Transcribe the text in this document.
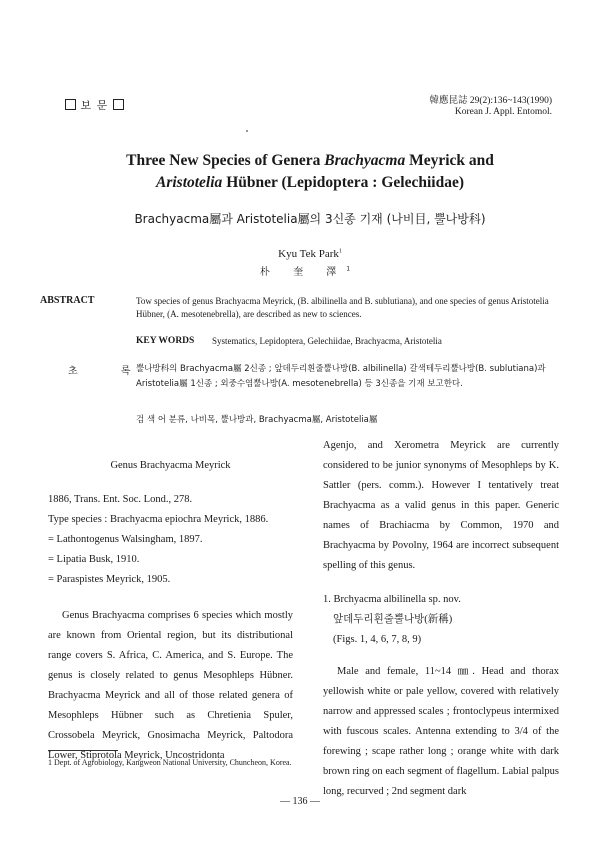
보 문	韓應昆誌 29(2):136~143(1990)
Korean J. Appl. Entomol.
Three New Species of Genera Brachyacma Meyrick and
Aristotelia Hübner (Lepidoptera : Gelechiidae)
Brachyacma屬과 Aristotelia屬의 3신종 기재 (나비目, 뿔나방科)
Kyu Tek Park$^1$
朴 奎 澤$^1$
ABSTRACT	Tow species of genus Brachyacma Meyrick, (B. albilinella and B. sublutiana), and one species of genus Aristotelia Hübner, (A. mesotenebrella), are described as new to sciences.
KEY WORDS Systematics, Lepidoptera, Gelechiidae, Brachyacma, Aristotelia
초 록
뿔나방科의 Brachyacma屬 2신종 ; 앞데두리흰줄뿔나방(B. albilinella) 갈색테두리뿔나방(B. sublutiana)과 Aristotelia屬 1신종 ; 외중수염뿔나방(A. mesotenebrella) 등 3신종을 기재 보고한다.
검 색 어 분류, 나비목, 뿔나방과, Brachyacma屬, Aristotelia屬
Genus Brachyacma Meyrick
1886, Trans. Ent. Soc. Lond., 278.
Type species : Brachyacma epiochra Meyrick, 1886.
= Lathontogenus Walsingham, 1897.
= Lipatia Busk, 1910.
= Paraspistes Meyrick, 1905.
Genus Brachyacma comprises 6 species which mostly are known from Oriental region, but its distributional range covers S. Africa, C. America, and S. Europe. The genus is closely related to genus Mesophleps Hübner. Brachyacma Meyrick and all of those related genera of Mesophleps Hübner such as Chretienia Spuler, Crossobela Meyrick, Gnosimacha Meyrick, Paltodora Lower, Stiprotola Meyrick, Uncostridonta
Agenjo, and Xerometra Meyrick are currently considered to be junior synonyms of Mesophleps by K. Sattler (pers. comm.). However I tentatively treat Brachyacma as a valid genus in this paper. Generic names of Brachiacma by Common, 1970 and Brachyacma by Povolny, 1964 are incorrect subsequent spelling of this genus.
1. Brchyacma albilinella sp. nov.
앞데두리흰줄뿔나방(新稱)
(Figs. 1, 4, 6, 7, 8, 9)
Male and female, 11~14 ㎜. Head and thorax yellowish white or pale yellow, covered with relatively narrow and appressed scales ; frontoclypeus intermixed with fuscous scales. Antenna extending to 3/4 of the forewing ; scape rather long ; orange white with dark brown ring on each segment of flagellum. Labial palpus long, recurved ; 2nd segment dark
1 Dept. of Agrobiology, Kangweon National University, Chuncheon, Korea.
— 136 —
